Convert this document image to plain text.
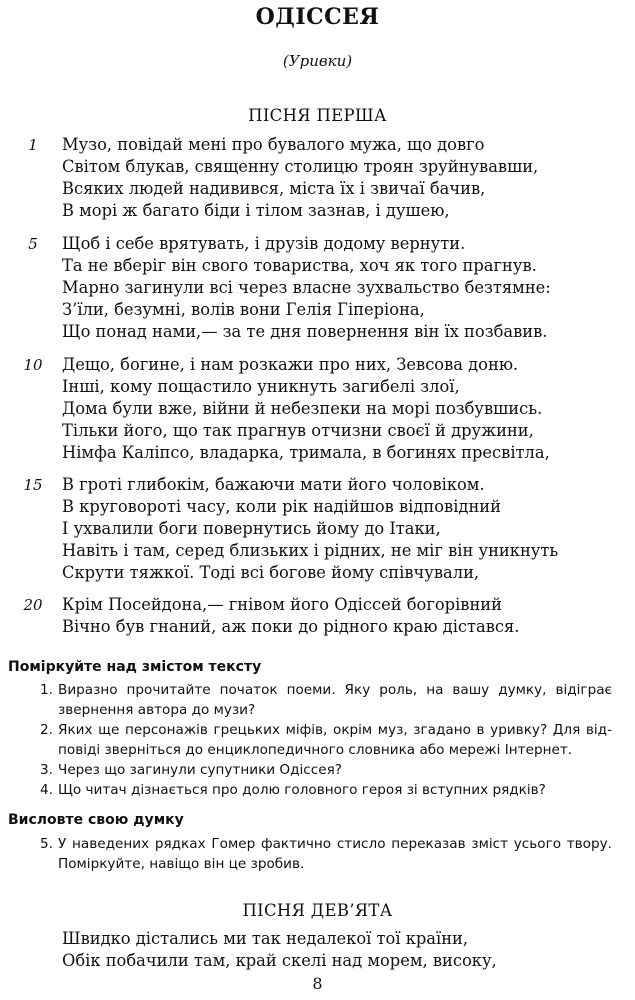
ОДІССЕЯ
(Уривки)
ПІСНЯ ПЕРША
1	Музо, повідай мені про бувалого мужа, що довго
Світом блукав, священну столицю троян зруйнувавши,
Всяких людей надивився, міста їх і звичаї бачив,
В морі ж багато біди і тілом зазнав, і душею,
5	Щоб і себе врятувать, і друзів додому вернути.
Та не вберіг він свого товариства, хоч як того прагнув.
Марно загинули всі через власне зухвальство безтямне:
З’їли, безумні, волів вони Гелія Гіперіона,
Що понад нами,— за те дня повернення він їх позбавив.
10	Дещо, богине, і нам розкажи про них, Зевсова доню.
Інші, кому пощастило уникнуть загибелі злої,
Дома були вже, війни й небезпеки на морі позбувшись.
Тільки його, що так прагнув отчизни своєї й дружини,
Німфа Каліпсо, владарка, тримала, в богинях пресвітла,
15	В гроті глибокім, бажаючи мати його чоловіком.
В круговороті часу, коли рік надійшов відповідний
І ухвалили боги повернутись йому до Ітаки,
Навіть і там, серед близьких і рідних, не міг він уникнуть
Скрути тяжкої. Тоді всі богове йому співчували,
20	Крім Посейдона,— гнівом його Одіссей богорівний
Вічно був гнаний, аж поки до рідного краю дістався.
Поміркуйте над змістом тексту
1. Виразно прочитайте початок поеми. Яку роль, на вашу думку, відіграє звернення автора до музи?
2. Яких ще персонажів грецьких міфів, окрім муз, згадано в уривку? Для відповіді зверніться до енциклопедичного словника або мережі Інтернет.
3. Через що загинули супутники Одіссея?
4. Що читач дізнається про долю головного героя зі вступних рядків?
Висловте свою думку
5. У наведених рядках Гомер фактично стисло переказав зміст усього твору. Поміркуйте, навіщо він це зробив.
ПІСНЯ ДЕВ’ЯТА
Швидко дістались ми так недалекої тої країни,
Обік побачили там, край скелі над морем, високу,
8
